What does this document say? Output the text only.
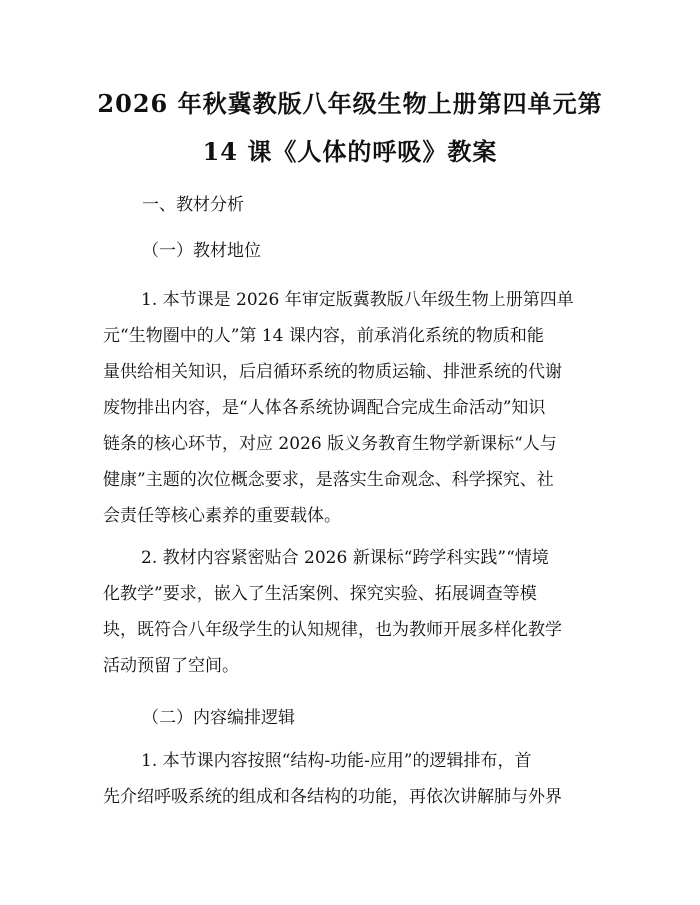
2026 年秋冀教版八年级生物上册第四单元第
14 课《人体的呼吸》教案
一、教材分析
（一）教材地位
1. 本节课是 2026 年审定版冀教版八年级生物上册第四单
元“生物圈中的人”第 14 课内容，前承消化系统的物质和能
量供给相关知识，后启循环系统的物质运输、排泄系统的代谢
废物排出内容，是“人体各系统协调配合完成生命活动”知识
链条的核心环节，对应 2026 版义务教育生物学新课标“人与
健康”主题的次位概念要求，是落实生命观念、科学探究、社
会责任等核心素养的重要载体。
2. 教材内容紧密贴合 2026 新课标“跨学科实践”“情境
化教学”要求，嵌入了生活案例、探究实验、拓展调查等模
块，既符合八年级学生的认知规律，也为教师开展多样化教学
活动预留了空间。
（二）内容编排逻辑
1. 本节课内容按照“结构-功能-应用”的逻辑排布，首
先介绍呼吸系统的组成和各结构的功能，再依次讲解肺与外界
